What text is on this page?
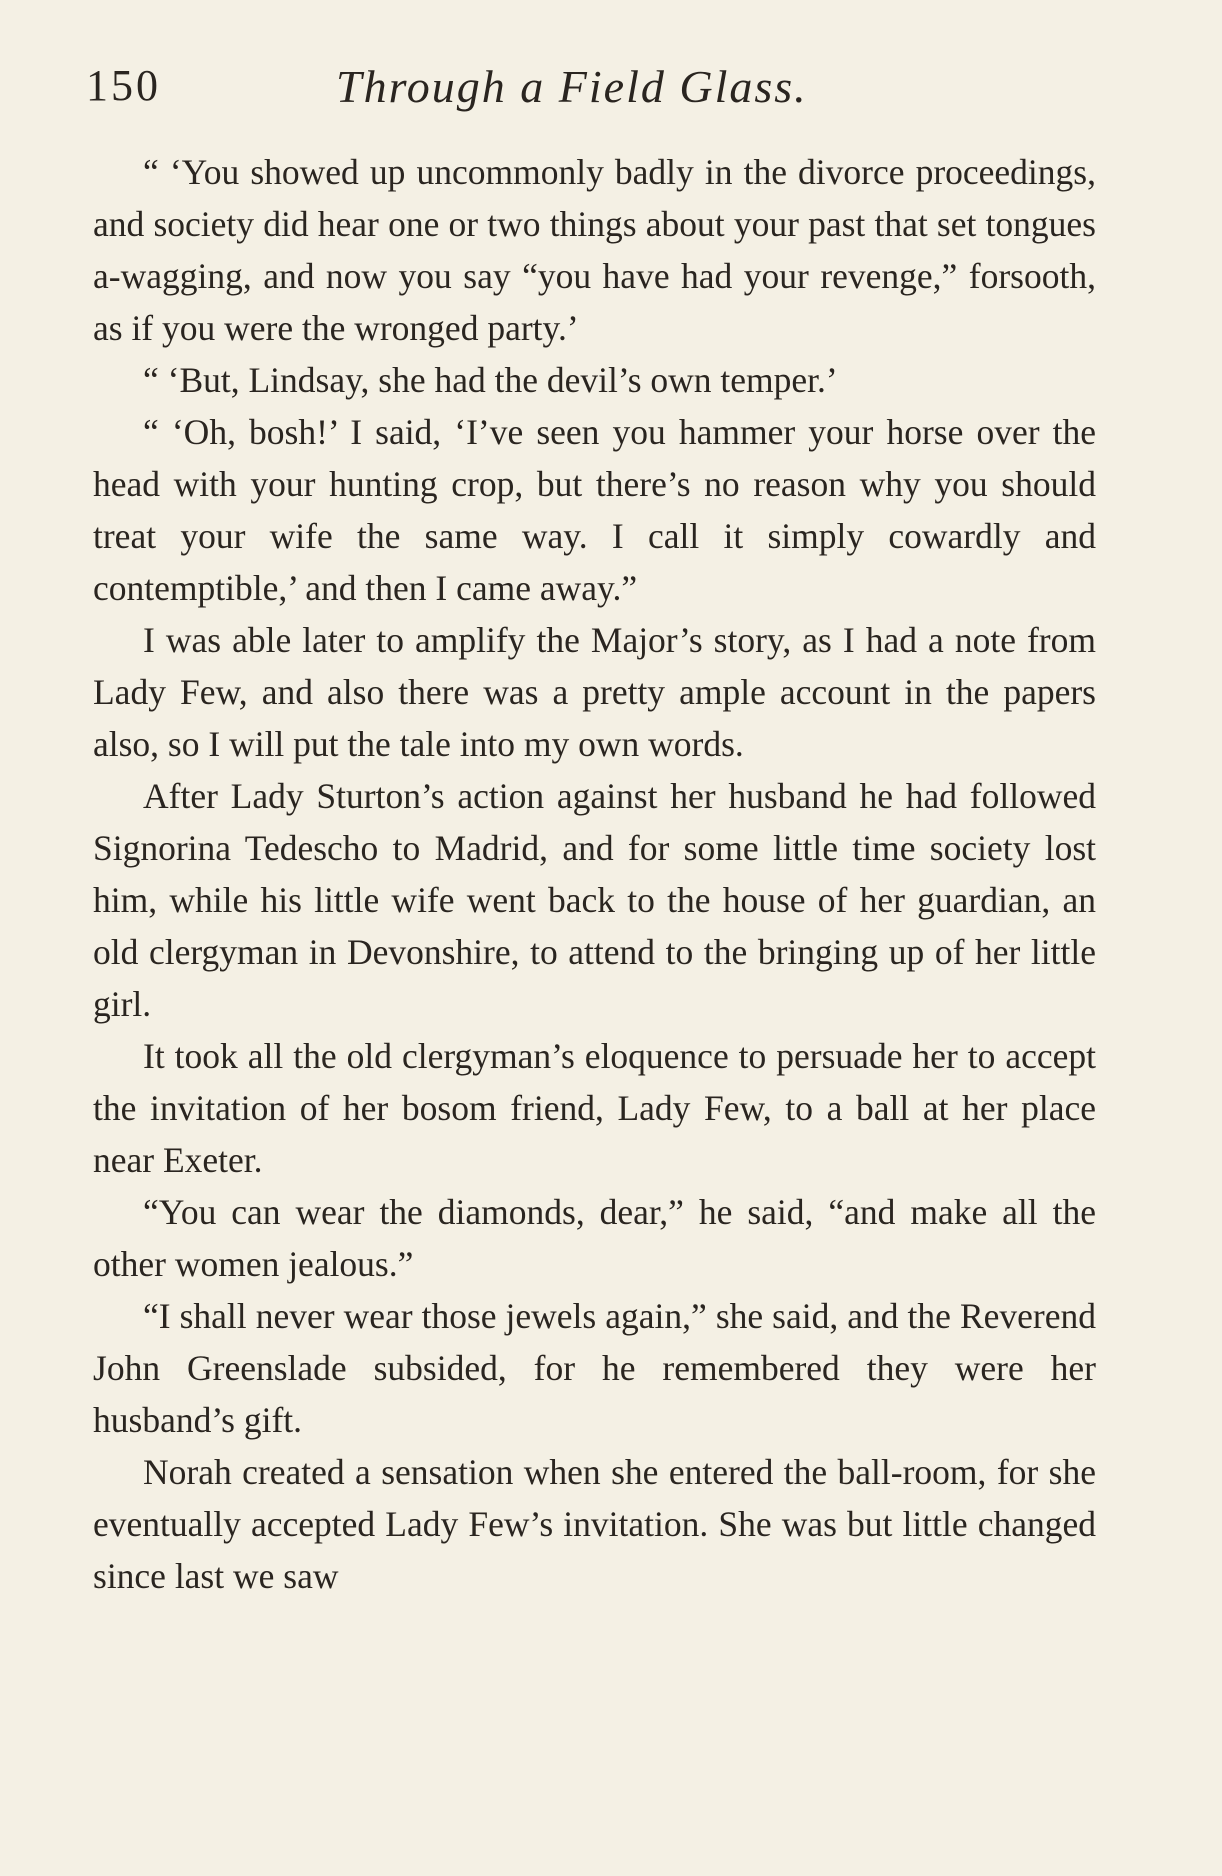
150	Through a Field Glass.

“ ‘You showed up uncommonly badly in the divorce proceedings, and society did hear one or two things about your past that set tongues a-wagging, and now you say “you have had your revenge,” forsooth, as if you were the wronged party.’

“ ‘But, Lindsay, she had the devil’s own temper.’

“ ‘Oh, bosh!’ I said, ‘I’ve seen you hammer your horse over the head with your hunting crop, but there’s no reason why you should treat your wife the same way. I call it simply cowardly and contemptible,’ and then I came away.”

I was able later to amplify the Major’s story, as I had a note from Lady Few, and also there was a pretty ample account in the papers also, so I will put the tale into my own words.

After Lady Sturton’s action against her husband he had followed Signorina Tedescho to Madrid, and for some little time society lost him, while his little wife went back to the house of her guardian, an old clergyman in Devonshire, to attend to the bringing up of her little girl.

It took all the old clergyman’s eloquence to persuade her to accept the invitation of her bosom friend, Lady Few, to a ball at her place near Exeter.

“You can wear the diamonds, dear,” he said, “and make all the other women jealous.”

“I shall never wear those jewels again,” she said, and the Reverend John Greenslade subsided, for he remembered they were her husband’s gift.

Norah created a sensation when she entered the ball-room, for she eventually accepted Lady Few’s invitation. She was but little changed since last we saw
